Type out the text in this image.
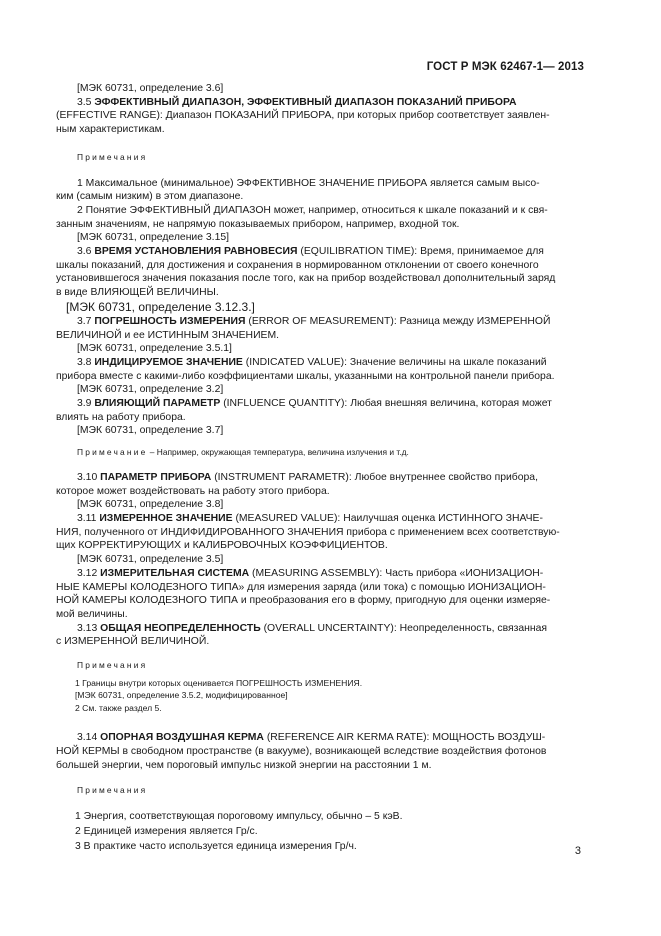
ГОСТ Р МЭК 62467-1— 2013

[МЭК 60731, определение 3.6]

3.5 ЭФФЕКТИВНЫЙ ДИАПАЗОН, ЭФФЕКТИВНЫЙ ДИАПАЗОН ПОКАЗАНИЙ ПРИБОРА

(EFFECTIVE RANGE): Диапазон ПОКАЗАНИЙ ПРИБОРА, при которых прибор соответствует заявлен-

ным характеристикам.

Примечания

1 Максимальное (минимальное) ЭФФЕКТИВНОЕ ЗНАЧЕНИЕ ПРИБОРА является самым высо-

ким (самым низким) в этом диапазоне.

2 Понятие ЭФФЕКТИВНЫЙ ДИАПАЗОН может, например, относиться к шкале показаний и к свя-

занным значениям, не напрямую показываемых прибором, например, входной ток.

[МЭК 60731, определение 3.15]

3.6 ВРЕМЯ УСТАНОВЛЕНИЯ РАВНОВЕСИЯ (EQUILIBRATION TIME): Время, принимаемое для

шкалы показаний, для достижения и сохранения в нормированном отклонении от своего конечного

установившегося значения показания после того, как на прибор воздействовал дополнительный заряд

в виде ВЛИЯЮЩЕЙ ВЕЛИЧИНЫ.

[МЭК 60731, определение 3.12.3.]

3.7 ПОГРЕШНОСТЬ ИЗМЕРЕНИЯ (ERROR OF MEASUREMENT): Разница между ИЗМЕРЕННОЙ

ВЕЛИЧИНОЙ и ее ИСТИННЫМ ЗНАЧЕНИЕМ.

[МЭК 60731, определение 3.5.1]

3.8 ИНДИЦИРУЕМОЕ ЗНАЧЕНИЕ (INDICATED VALUE): Значение величины на шкале показаний

прибора вместе с какими-либо коэффициентами шкалы, указанными на контрольной панели прибора.

[МЭК 60731, определение 3.2]

3.9 ВЛИЯЮЩИЙ ПАРАМЕТР (INFLUENCE QUANTITY): Любая внешняя величина, которая может

влиять на работу прибора.

[МЭК 60731, определение 3.7]

Примечание – Например, окружающая температура, величина излучения и т.д.

3.10 ПАРАМЕТР ПРИБОРА (INSTRUMENT PARAMETR): Любое внутреннее свойство прибора,

которое может воздействовать на работу этого прибора.

[МЭК 60731, определение 3.8]

3.11 ИЗМЕРЕННОЕ ЗНАЧЕНИЕ (MEASURED VALUE): Наилучшая оценка ИСТИННОГО ЗНАЧЕ-

НИЯ, полученного от ИНДИФИДИРОВАННОГО ЗНАЧЕНИЯ прибора с применением всех соответствую-

щих КОРРЕКТИРУЮЩИХ и КАЛИБРОВОЧНЫХ КОЭФФИЦИЕНТОВ.

[МЭК 60731, определение 3.5]

3.12 ИЗМЕРИТЕЛЬНАЯ СИСТЕМА (MEASURING ASSEMBLY): Часть прибора «ИОНИЗАЦИОН-

НЫЕ КАМЕРЫ КОЛОДЕЗНОГО ТИПА» для измерения заряда (или тока) с помощью ИОНИЗАЦИОН-

НОЙ КАМЕРЫ КОЛОДЕЗНОГО ТИПА и преобразования его в форму, пригодную для оценки измеряе-

мой величины.

3.13 ОБЩАЯ НЕОПРЕДЕЛЕННОСТЬ (OVERALL UNCERTAINTY): Неопределенность, связанная

с ИЗМЕРЕННОЙ ВЕЛИЧИНОЙ.

Примечания

1 Границы внутри которых оценивается ПОГРЕШНОСТЬ ИЗМЕНЕНИЯ.

[МЭК 60731, определение 3.5.2, модифицированное]

2 См. также раздел 5.

3.14 ОПОРНАЯ ВОЗДУШНАЯ КЕРМА (REFERENCE AIR KERMA RATE): МОЩНОСТЬ ВОЗДУШ-

НОЙ КЕРМЫ в свободном пространстве (в вакууме), возникающей вследствие воздействия фотонов

большей энергии, чем пороговый импульс низкой энергии на расстоянии 1 м.

Примечания

1 Энергия, соответствующая пороговому импульсу, обычно – 5 кэВ.

2 Единицей измерения является Гр/с.

3 В практике часто используется единица измерения Гр/ч.	3
